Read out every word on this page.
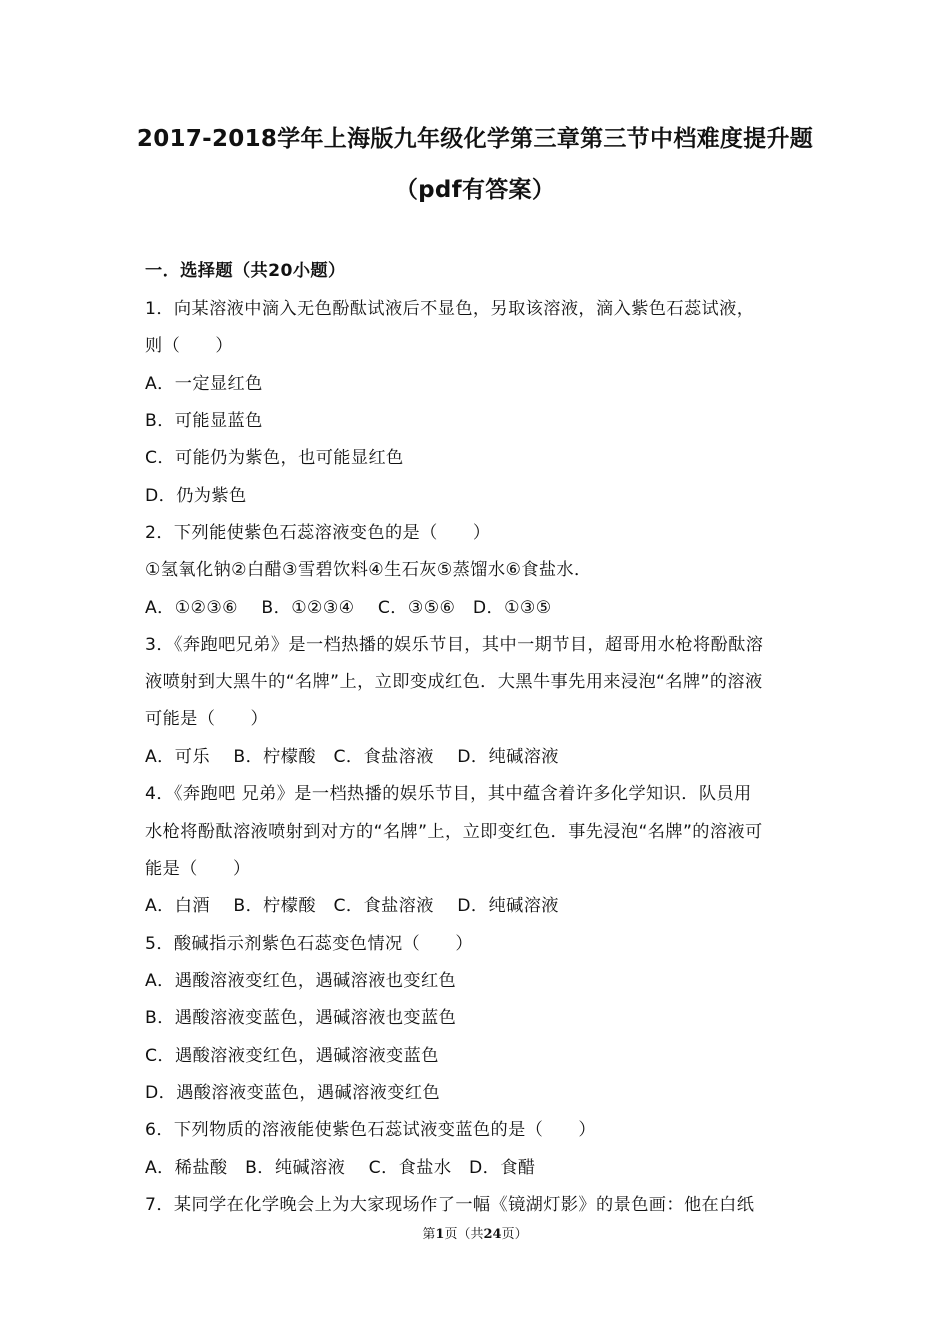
2017-2018学年上海版九年级化学第三章第三节中档难度提升题
（pdf有答案）
一．选择题（共20小题）
1．向某溶液中滴入无色酚酞试液后不显色，另取该溶液，滴入紫色石蕊试液，
则（　　）
A．一定显红色
B．可能显蓝色
C．可能仍为紫色，也可能显红色
D．仍为紫色
2．下列能使紫色石蕊溶液变色的是（　　）
①氢氧化钠②白醋③雪碧饮料④生石灰⑤蒸馏水⑥食盐水．
A．①②③⑥　 B．①②③④　 C．③⑤⑥　D．①③⑤
3．《奔跑吧兄弟》是一档热播的娱乐节目，其中一期节目，超哥用水枪将酚酞溶
液喷射到大黑牛的“名牌”上，立即变成红色．大黑牛事先用来浸泡“名牌”的溶液
可能是（　　）
A．可乐　 B．柠檬酸　C．食盐溶液　 D．纯碱溶液
4．《奔跑吧 兄弟》是一档热播的娱乐节目，其中蕴含着许多化学知识．队员用
水枪将酚酞溶液喷射到对方的“名牌”上，立即变红色．事先浸泡“名牌”的溶液可
能是（　　）
A．白酒　 B．柠檬酸　C．食盐溶液　 D．纯碱溶液
5．酸碱指示剂紫色石蕊变色情况（　　）
A．遇酸溶液变红色，遇碱溶液也变红色
B．遇酸溶液变蓝色，遇碱溶液也变蓝色
C．遇酸溶液变红色，遇碱溶液变蓝色
D．遇酸溶液变蓝色，遇碱溶液变红色
6．下列物质的溶液能使紫色石蕊试液变蓝色的是（　　）
A．稀盐酸　B．纯碱溶液　 C．食盐水　D．食醋
7．某同学在化学晚会上为大家现场作了一幅《镜湖灯影》的景色画：他在白纸
第1页（共24页）
